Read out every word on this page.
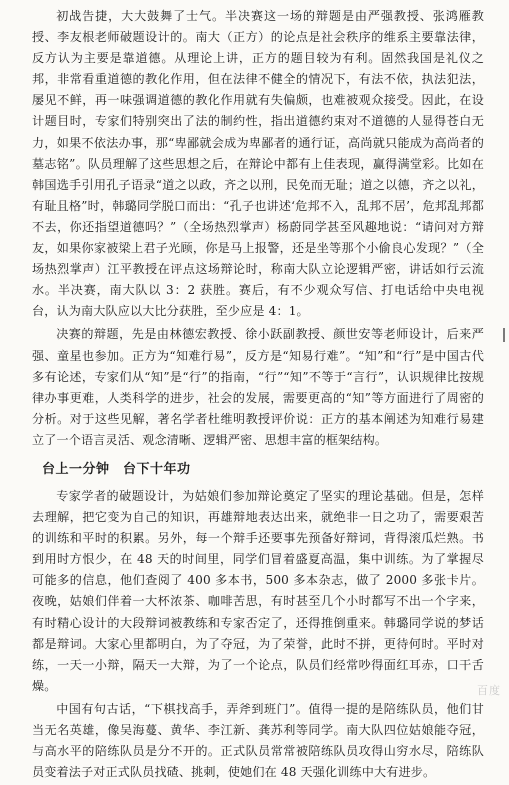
初战告捷，大大鼓舞了士气。半决赛这一场的辩题是由严强教授、张鸿雁教授、李友根老师破题设计的。南大（正方）的论点是社会秩序的维系主要靠法律，反方认为主要是靠道德。从理论上讲，正方的题目较为有利。固然我国是礼仪之邦，非常看重道德的教化作用，但在法律不健全的情况下，有法不依，执法犯法，屡见不鲜，再一味强调道德的教化作用就有失偏颇，也难被观众接受。因此，在设计题目时，专家们特别突出了法的制约性，指出道德约束对不道德的人显得苍白无力，如果不依法办事，那“卑鄙就会成为卑鄙者的通行证，高尚就只能成为高尚者的墓志铭”。队员理解了这些思想之后，在辩论中都有上佳表现，赢得满堂彩。比如在韩国选手引用孔子语录“道之以政，齐之以刑，民免而无耻；道之以德，齐之以礼，有耻且格”时，韩璐同学脱口而出：“孔子也讲述‘危邦不入，乱邦不居’，危邦乱邦都不去，你还指望道德吗？”（全场热烈掌声）杨蔚同学甚至风趣地说：“请问对方辩友，如果你家被梁上君子光顾，你是马上报警，还是坐等那个小偷良心发现？”（全场热烈掌声）江平教授在评点这场辩论时，称南大队立论逻辑严密，讲话如行云流水。半决赛，南大队以 3：2 获胜。赛后，有不少观众写信、打电话给中央电视台，认为南大队应以大比分获胜，至少应是 4：1。

决赛的辩题，先是由林德宏教授、徐小跃副教授、颜世安等老师设计，后来严强、童星也参加。正方为“知难行易”，反方是“知易行难”。“知”和“行”是中国古代多有论述，专家们从“知”是“行”的指南，“行”“知”不等于“言行”，认识规律比按规律办事更难，人类科学的进步，社会的发展，需要更高的“知”等方面进行了周密的分析。对于这些见解，著名学者杜维明教授评价说：正方的基本阐述为知难行易建立了一个语言灵活、观念清晰、逻辑严密、思想丰富的框架结构。

台上一分钟　台下十年功

专家学者的破题设计，为姑娘们参加辩论奠定了坚实的理论基础。但是，怎样去理解，把它变为自己的知识，再雄辩地表达出来，就绝非一日之功了，需要艰苦的训练和平时的积累。另外，每一个辩手还要事先预备好辩词，背得滚瓜烂熟。书到用时方恨少，在 48 天的时间里，同学们冒着盛夏高温，集中训练。为了掌握尽可能多的信息，他们查阅了 400 多本书，500 多本杂志，做了 2000 多张卡片。夜晚，姑娘们伴着一大杯浓茶、咖啡苦思，有时甚至几个小时都写不出一个字来，有时精心设计的大段辩词被教练和专家否定了，还得推倒重来。韩璐同学说的梦话都是辩词。大家心里都明白，为了夺冠，为了荣誉，此时不拼，更待何时。平时对练，一天一小辩，隔天一大辩，为了一个论点，队员们经常吵得面红耳赤，口干舌燥。

中国有句古话，“下棋找高手，弄斧到班门”。值得一提的是陪练队员，他们甘当无名英雄，像吴海蔓、黄华、李江新、龚苏利等同学。南大队四位姑娘能夺冠，与高水平的陪练队员是分不开的。正式队员常常被陪练队员攻得山穷水尽，陪练队员变着法子对正式队员找碴、挑刺，使她们在 48 天强化训练中大有进步。

百度
